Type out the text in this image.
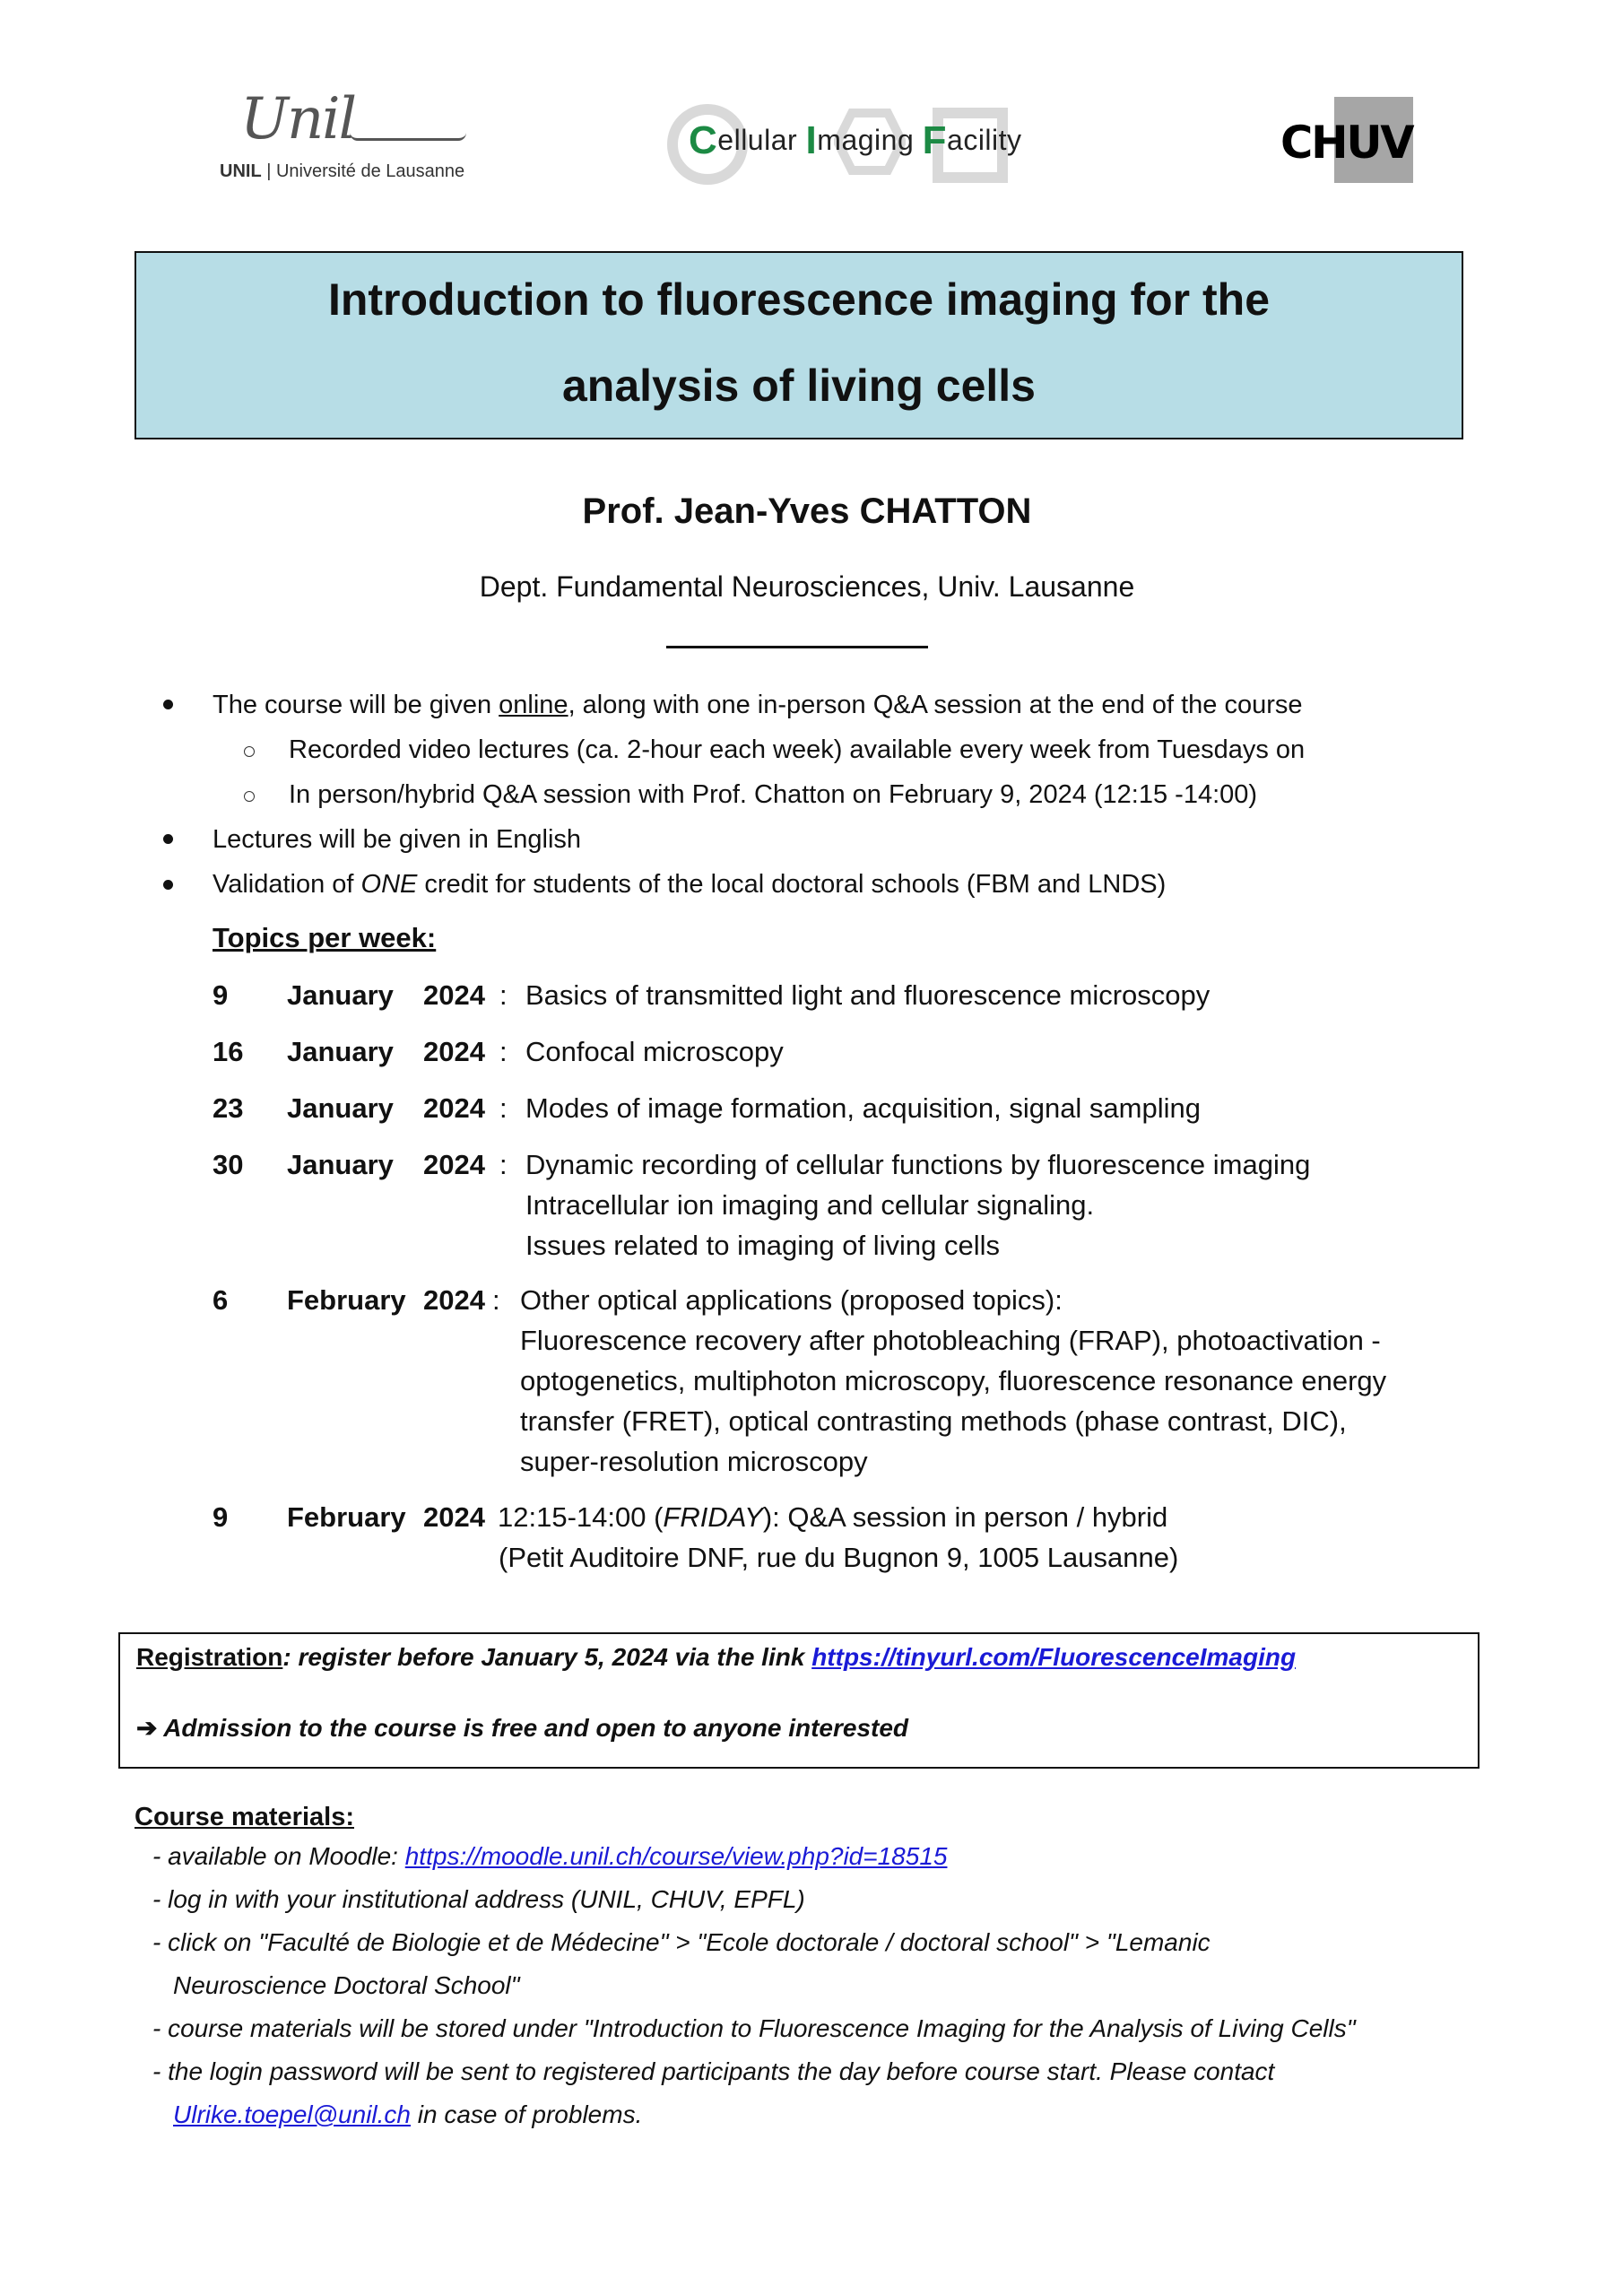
Unil
UNIL | Université de Lausanne
Cellular Imaging Facility	CHUV
Introduction to fluorescence imaging for the
analysis of living cells
Prof. Jean-Yves CHATTON
Dept. Fundamental Neurosciences, Univ. Lausanne
The course will be given online, along with one in-person Q&A session at the end of the course
Recorded video lectures (ca. 2-hour each week) available every week from Tuesdays on
In person/hybrid Q&A session with Prof. Chatton on February 9, 2024 (12:15 -14:00)
Lectures will be given in English
Validation of ONE credit for students of the local doctoral schools (FBM and LNDS)
Topics per week:
9 January 2024 : Basics of transmitted light and fluorescence microscopy
16 January 2024 : Confocal microscopy
23 January 2024 : Modes of image formation, acquisition, signal sampling
30 January 2024 : Dynamic recording of cellular functions by fluorescence imaging
Intracellular ion imaging and cellular signaling.
Issues related to imaging of living cells
6 February 2024 : Other optical applications (proposed topics):
Fluorescence recovery after photobleaching (FRAP), photoactivation -
optogenetics, multiphoton microscopy, fluorescence resonance energy
transfer (FRET), optical contrasting methods (phase contrast, DIC),
super-resolution microscopy
9 February 2024 12:15-14:00 (FRIDAY): Q&A session in person / hybrid
(Petit Auditoire DNF, rue du Bugnon 9, 1005 Lausanne)
Registration: register before January 5, 2024 via the link https://tinyurl.com/FluorescenceImaging
➔ Admission to the course is free and open to anyone interested
Course materials:
- available on Moodle: https://moodle.unil.ch/course/view.php?id=18515
- log in with your institutional address (UNIL, CHUV, EPFL)
- click on "Faculté de Biologie et de Médecine" > "Ecole doctorale / doctoral school" > "Lemanic
Neuroscience Doctoral School"
- course materials will be stored under "Introduction to Fluorescence Imaging for the Analysis of Living Cells"
- the login password will be sent to registered participants the day before course start. Please contact
Ulrike.toepel@unil.ch in case of problems.
